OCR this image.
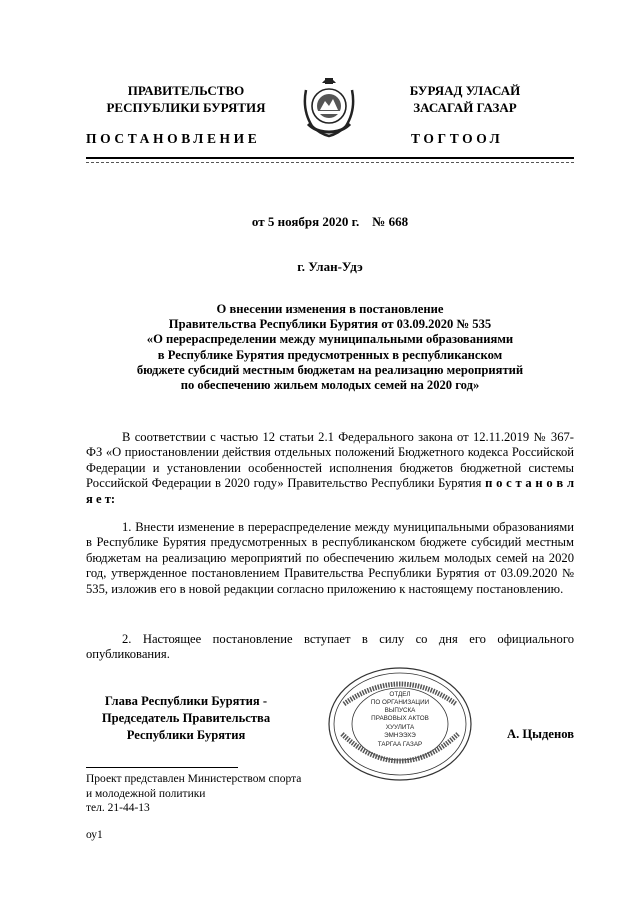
ПРАВИТЕЛЬСТВО
РЕСПУБЛИКИ БУРЯТИЯ
ПОСТАНОВЛЕНИЕ
БУРЯАД УЛАСАЙ
ЗАСАГАЙ ГАЗАР
ТОГТООЛ
от 5 ноября 2020 г.    № 668
г. Улан-Удэ
О внесении изменения в постановление
Правительства Республики Бурятия от 03.09.2020 № 535
«О перераспределении между муниципальными образованиями
в Республике Бурятия предусмотренных в республиканском
бюджете субсидий местным бюджетам на реализацию мероприятий
по обеспечению жильем молодых семей на 2020 год»

В соответствии с частью 12 статьи 2.1 Федерального закона от 12.11.2019 № 367-ФЗ «О приостановлении действия отдельных положений Бюджетного кодекса Российской Федерации и установлении особенностей исполнения бюджетов бюджетной системы Российской Федерации в 2020 году» Правительство Республики Бурятия п о с т а н о в л я е т:

1. Внести изменение в перераспределение между муниципальными образованиями в Республике Бурятия предусмотренных в республиканском бюджете субсидий местным бюджетам на реализацию мероприятий по обеспечению жильем молодых семей на 2020 год, утвержденное постановлением Правительства Республики Бурятия от 03.09.2020 № 535, изложив его в новой редакции согласно приложению к настоящему постановлению.

2. Настоящее постановление вступает в силу со дня его официального опубликования.

Глава Республики Бурятия -
Председатель Правительства
Республики Бурятия
ОТДЕЛ
ПО ОРГАНИЗАЦИИ
ВЫПУСКА
ПРАВОВЫХ АКТОВ
ХУУЛИТА
ЭМНЭЭХЭ
ТАРГАА ГАЗАР
А. Цыденов
Проект представлен Министерством спорта
и молодежной политики
тел. 21-44-13
оу1
